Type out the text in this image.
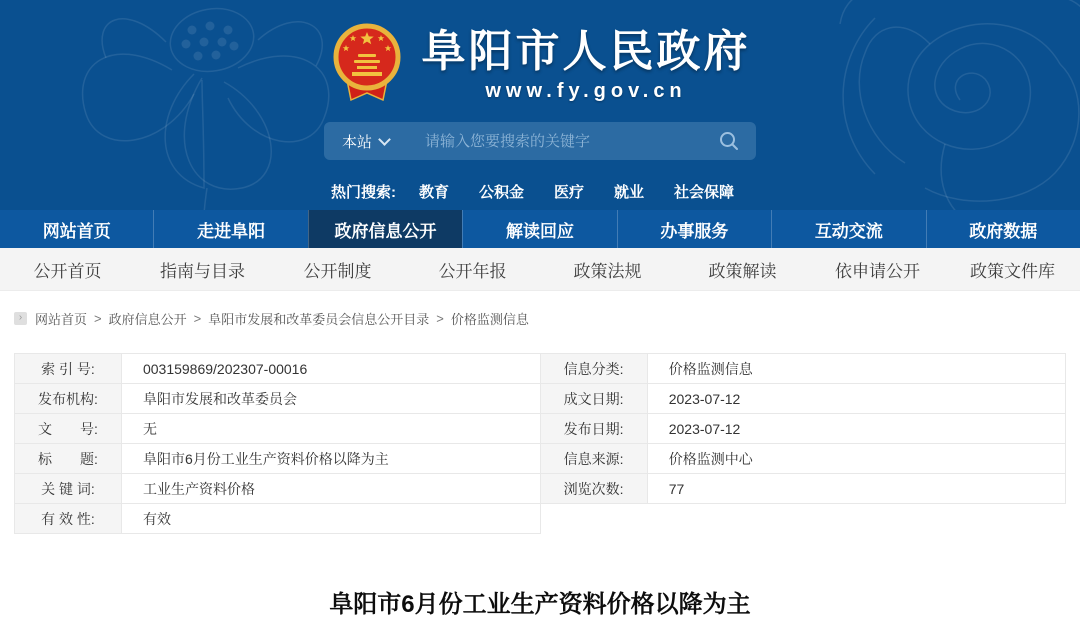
阜阳市人民政府
www.fy.gov.cn
本站
请输入您要搜索的关键字
热门搜索: 教育 公积金 医疗 就业 社会保障
网站首页	走进阜阳	政府信息公开	解读回应	办事服务	互动交流	政府数据
公开首页	指南与目录	公开制度	公开年报	政策法规	政策解读	依申请公开	政策文件库
› 网站首页 > 政府信息公开 > 阜阳市发展和改革委员会信息公开目录 > 价格监测信息
索 引 号:	003159869/202307-00016
发布机构:	阜阳市发展和改革委员会
文　　号:	无
标　　题:	阜阳市6月份工业生产资料价格以降为主
关 键 词:	工业生产资料价格
有 效 性:	有效
信息分类:	价格监测信息
成文日期:	2023-07-12
发布日期:	2023-07-12
信息来源:	价格监测中心
浏览次数:	77
阜阳市6月份工业生产资料价格以降为主
